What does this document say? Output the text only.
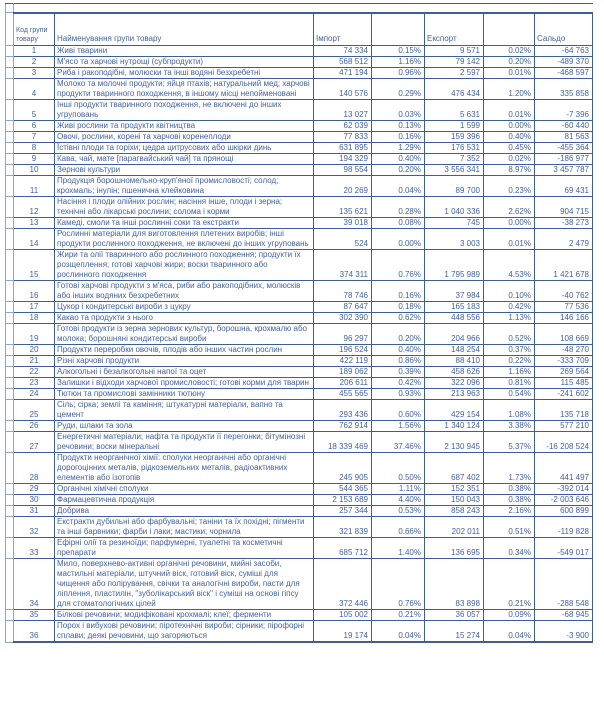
	Код групи товару	Найменування групи товару	Імпорт		Експорт		Сальдо
	1	Живі тварини	74 334	0.15%	9 571	0.02%	-64 763
	2	М'ясо та харчові нутрощі (субпродукти)	568 512	1.16%	79 142	0.20%	-489 370
	3	Риба і ракоподібні, молюски та інші водяні безхребетні	471 194	0.96%	2 597	0.01%	-468 597
	4	Молоко та молочні продукти; яйця птахів; натуральний мед; харчові продукти тваринного походження, в іншому місці непойменовані	140 576	0.29%	476 434	1.20%	335 858
	5	Інші продукти тваринного походження, не включені до інших угруповань	13 027	0.03%	5 631	0.01%	-7 396
	6	Живі рослини та продукти квітництва	62 039	0.13%	1 599	0.00%	-60 440
	7	Овочі, рослини, корені та харчові коренеплоди	77 833	0.16%	159 396	0.40%	81 563
	8	Їстівні плоди та горіхи; цедра цитрусових або шкірки динь	631 895	1.29%	176 531	0.45%	-455 364
	9	Кава, чай, мате [парагвайський чай] та прянощі	194 329	0.40%	7 352	0.02%	-186 977
	10	Зернові культури	98 554	0.20%	3 556 341	8.97%	3 457 787
	11	Продукція борошномельно-круп'яної промисловості; солод; крохмаль; інулін; пшенична клейковина	20 269	0.04%	89 700	0.23%	69 431
	12	Насіння і плоди олійних рослин; насіння інше, плоди і зерна; технічні або лікарські рослини; солома і корми	135 621	0.28%	1 040 336	2.62%	904 715
	13	Камеді, смоли та інші рослинні соки та екстракти	39 018	0.08%	745	0.00%	-38 273
	14	Рослинні матеріали для виготовлення плетених виробів; інші продукти рослинного походження, не включені до інших угруповань	524	0.00%	3 003	0.01%	2 479
	15	Жири та олії тваринного або рослинного походження; продукти їх розщеплення; готові харчові жири; воски тваринного або рослинного походження	374 311	0.76%	1 795 989	4.53%	1 421 678
	16	Готові харчові продукти з м'яса, риби або ракоподібних, молюсків або інших водяних безхребетних	78 746	0.16%	37 984	0.10%	-40 762
	17	Цукор і кондитерські вироби з цукру	87 647	0.18%	165 183	0.42%	77 536
	18	Какао та продукти з нього	302 390	0.62%	448 556	1.13%	146 166
	19	Готові продукти із зерна зернових культур, борошна, крохмалю або молока; борошняні кондитерські вироби	96 297	0.20%	204 966	0.52%	108 669
	20	Продукти переробки овочів, плодів або інших частин рослин	196 524	0.40%	148 254	0.37%	-48 270
	21	Різні харчові продукти	422 119	0.86%	88 410	0.22%	-333 709
	22	Алкогольні і безалкогольні напої та оцет	189 062	0.39%	458 626	1.16%	269 564
	23	Залишки і відходи харчової промисловості; готові корми для тварин	206 611	0.42%	322 096	0.81%	115 485
	24	Тютюн та промислові замінники тютюну	455 565	0.93%	213 963	0.54%	-241 602
	25	Сіль; сірка; землі та каміння; штукатурні матеріали, вапно та цемент	293 436	0.60%	429 154	1.08%	135 718
	26	Руди, шлаки та зола	762 914	1.56%	1 340 124	3.38%	577 210
	27	Енергетичні матеріали; нафта та продукти її перегонки; бітумінозні речовини; воски мінеральні	18 339 469	37.46%	2 130 945	5.37%	-16 208 524
	28	Продукти неорганічної хімії: сполуки неорганічні або органічні дорогоцінних металів, рідкоземельних металів, радіоактивних елементів або ізотопів	245 905	0.50%	687 402	1.73%	441 497
	29	Органічні хімічні сполуки	544 365	1.11%	152 351	0.38%	-392 014
	30	Фармацевтична продукція	2 153 689	4.40%	150 043	0.38%	-2 003 646
	31	Добрива	257 344	0.53%	858 243	2.16%	600 899
	32	Екстракти дубильні або фарбувальні; таніни та їх похідні; пігменти та інші барвники; фарби і лаки; мастики; чорнила	321 839	0.66%	202 011	0.51%	-119 828
	33	Ефірні олії та резиноїди; парфумерні, туалетні та косметичні препарати	685 712	1.40%	136 695	0.34%	-549 017
	34	Мило, поверхнево-активні органічні речовини, мийні засоби, мастильні матеріали, штучний віск, готовий віск, суміші для чищення або полірування, свічки та аналогічні вироби, пасти для ліплення, пластилін, "зуболікарський віск" і суміші на основі гіпсу для стоматологічних цілей	372 446	0.76%	83 898	0.21%	-288 548
	35	Білкові речовини; модифіковані крохмалі; клеї; ферменти	105 002	0.21%	36 057	0.09%	-68 945
	36	Порох і вибухові речовини; піротехнічні вироби; сірники; пірофорні сплави; деякі речовини, що загоряються	19 174	0.04%	15 274	0.04%	-3 900
